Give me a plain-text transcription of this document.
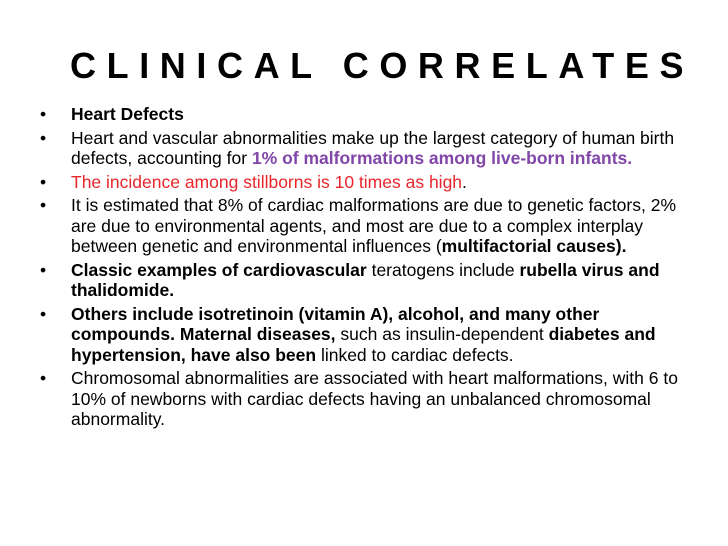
CLINICAL CORRELATES
•	Heart Defects
•	Heart and vascular abnormalities make up the largest category of human birth defects, accounting for 1% of malformations among live-born infants.
•	The incidence among stillborns is 10 times as high.
•	It is estimated that 8% of cardiac malformations are due to genetic factors, 2% are due to environmental agents, and most are due to a complex interplay between genetic and environmental influences (multifactorial causes).
•	Classic examples of cardiovascular teratogens include rubella virus and thalidomide.
•	Others include isotretinoin (vitamin A), alcohol, and many other compounds. Maternal diseases, such as insulin-dependent diabetes and hypertension, have also been linked to cardiac defects.
•	Chromosomal abnormalities are associated with heart malformations, with 6 to 10% of newborns with cardiac defects having an unbalanced chromosomal abnormality.
